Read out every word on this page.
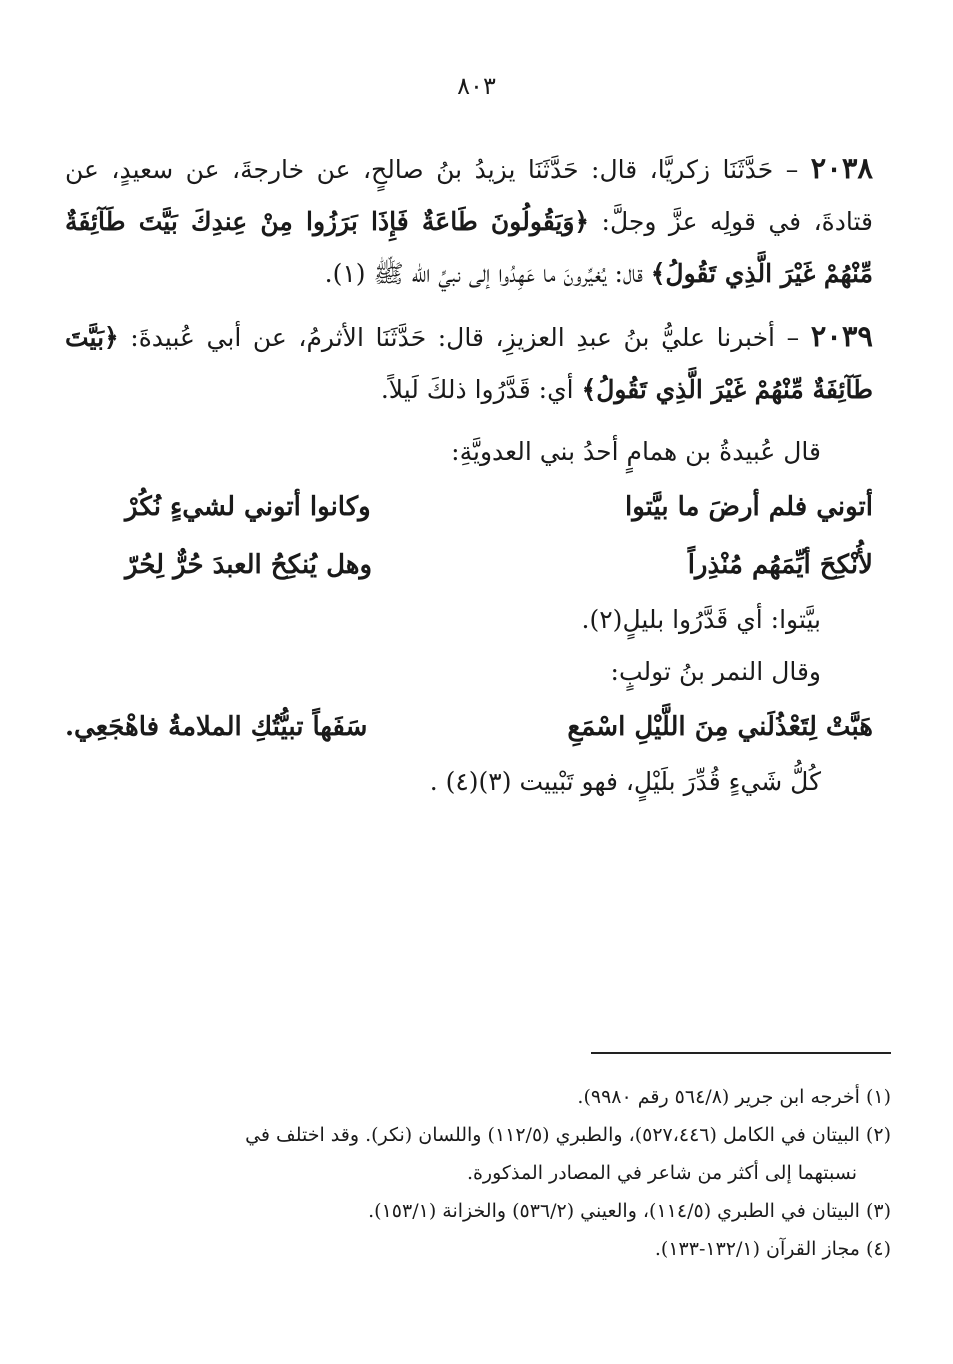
٨٠٣

٢٠٣٨ – حَدَّثَنَا زكريَّا، قال: حَدَّثَنَا يزيدُ بنُ صالحٍ، عن خارجةَ، عن سعيدٍ، عن قتادةَ، في قولِه عزَّ وجلَّ: ﴿وَيَقُولُونَ طَاعَةٌ فَإِذَا بَرَزُوا مِنْ عِندِكَ بَيَّتَ طَآئِفَةٌ مِّنْهُمْ غَيْرَ الَّذِي تَقُولُ﴾ قال: يُغيِّرونَ ما عَهِدُوا إلى نبيِّ الله ﷺ (١).

٢٠٣٩ – أخبرنا عليُّ بنُ عبدِ العزيزِ، قال: حَدَّثَنَا الأثرمُ، عن أبي عُبيدةَ: ﴿بَيَّتَ طَآئِفَةٌ مِّنْهُمْ غَيْرَ الَّذِي تَقُولُ﴾ أي: قَدَّرُوا ذلكَ لَيلاً.

قال عُبيدةُ بن همامٍ أحدُ بني العدويَّةِ:

أتوني فلم أرضَ ما بيَّتوا
وكانوا أتوني لشيءٍ نُكُرْ
لأُنْكِحَ أيِّمَهُم مُنْذِراً
وهل يُنكِحُ العبدَ حُرٌّ لِحُرّ

بيَّتوا: أي قَدَّرُوا بليلٍ(٢).

وقال النمر بنُ تولبٍ:

هَبَّتْ لِتَعْذُلَني مِنَ اللَّيْلِ اسْمَعِ
سَفَهاً تبيُّتُكِ الملامةُ فاهْجَعِي.

كُلُّ شَيءٍ قُدِّرَ بلَيْلٍ، فهو تَبْييت (٣)(٤) .

(١) أخرجه ابن جرير (٥٦٤/٨ رقم ٩٩٨٠).

(٢) البيتان في الكامل (٥٢٧،٤٤٦)، والطبري (١١٢/٥) واللسان (نكر). وقد اختلف في

نسبتهما إلى أكثر من شاعر في المصادر المذكورة.

(٣) البيتان في الطبري (١١٤/٥)، والعيني (٥٣٦/٢) والخزانة (١٥٣/١).

(٤) مجاز القرآن (١٣٢/١-١٣٣).
